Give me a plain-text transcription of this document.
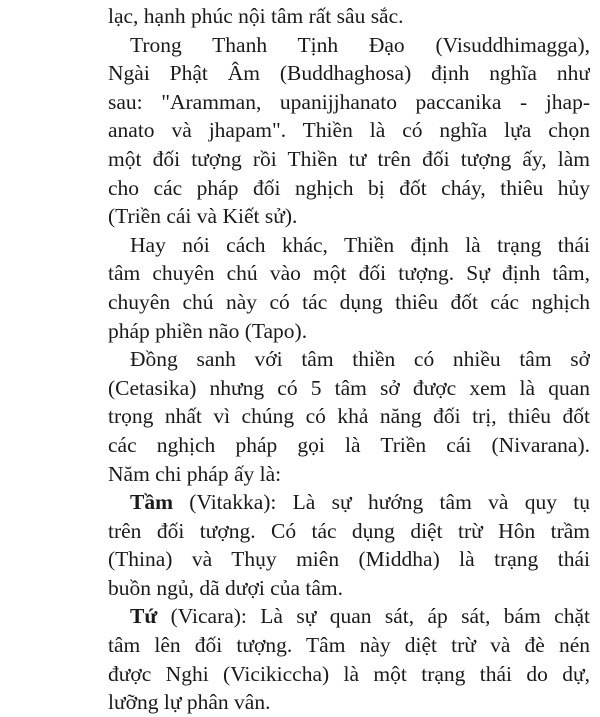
lạc, hạnh phúc nội tâm rất sâu sắc.
Trong Thanh Tịnh Đạo (Visuddhimagga),
Ngài Phật Âm (Buddhaghosa) định nghĩa như
sau: "Aramman, upanijjhanato paccanika - jhap-
anato và jhapam". Thiền là có nghĩa lựa chọn
một đối tượng rồi Thiền tư trên đối tượng ấy, làm
cho các pháp đối nghịch bị đốt cháy, thiêu hủy
(Triền cái và Kiết sử).
Hay nói cách khác, Thiền định là trạng thái
tâm chuyên chú vào một đối tượng. Sự định tâm,
chuyên chú này có tác dụng thiêu đốt các nghịch
pháp phiền não (Tapo).
Đồng sanh với tâm thiền có nhiều tâm sở
(Cetasika) nhưng có 5 tâm sở được xem là quan
trọng nhất vì chúng có khả năng đối trị, thiêu đốt
các nghịch pháp gọi là Triền cái (Nivarana).
Năm chi pháp ấy là:
Tầm (Vitakka): Là sự hướng tâm và quy tụ
trên đối tượng. Có tác dụng diệt trừ Hôn trầm
(Thina) và Thụy miên (Middha) là trạng thái
buồn ngủ, dã dượi của tâm.
Tứ (Vicara): Là sự quan sát, áp sát, bám chặt
tâm lên đối tượng. Tâm này diệt trừ và đè nén
được Nghi (Vicikiccha) là một trạng thái do dự,
lưỡng lự phân vân.
